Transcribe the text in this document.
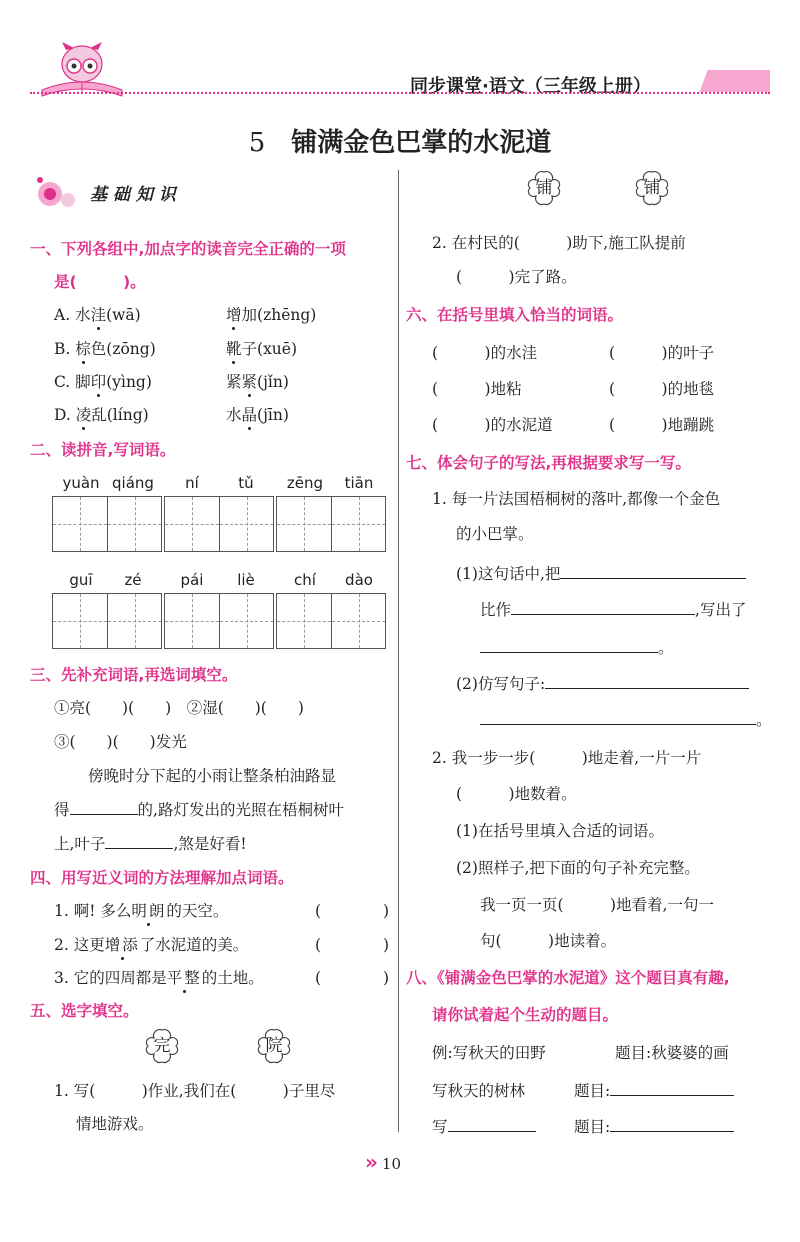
同步课堂·语文（三年级上册）
5 铺满金色巴掌的水泥道
基 础 知 识
一、下列各组中,加点字的读音完全正确的一项
是(　　　)。
A. 水洼(wā)	增加(zhēng)
B. 棕色(zōng)	靴子(xuē)
C. 脚印(yìng)	紧紧(jǐn)
D. 凌乱(líng)	水晶(jīn)
二、读拼音,写词语。
yuàn qiáng	ní	tǔ	zēng	tiān
guī	zé	pái	liè	chí	dào
三、先补充词语,再选词填空。
①亮(　　)(　　)　②湿(　　)(　　)
③(　　)(　　)发光
傍晚时分下起的小雨让整条柏油路显
得	的,路灯发出的光照在梧桐树叶
上,叶子	,煞是好看!
四、用写近义词的方法理解加点词语。
1. 啊! 多么明朗的天空。	(　　　　)
2. 这更增添了水泥道的美。	(　　　　)
3. 它的四周都是平整的土地。	(　　　　)
五、选字填空。
完	院
1. 写(　　　)作业,我们在(　　　)子里尽
情地游戏。
铺	铺
2. 在村民的(　　　)助下,施工队提前
(　　　)完了路。
六、在括号里填入恰当的词语。
(　　　)的水洼	(　　　)的叶子
(　　　)地粘	(　　　)的地毯
(　　　)的水泥道	(　　　)地蹦跳
七、体会句子的写法,再根据要求写一写。
1. 每一片法国梧桐树的落叶,都像一个金色
的小巴掌。
(1)这句话中,把
比作	,写出了
。
(2)仿写句子:
。
2. 我一步一步(　　　)地走着,一片一片
(　　　)地数着。
(1)在括号里填入合适的词语。
(2)照样子,把下面的句子补充完整。
我一页一页(　　　)地看着,一句一
句(　　　)地读着。
八、《铺满金色巴掌的水泥道》这个题目真有趣,
请你试着起个生动的题目。
例:写秋天的田野	题目:秋婆婆的画
写秋天的树林	题目:
写	题目:
» 10
